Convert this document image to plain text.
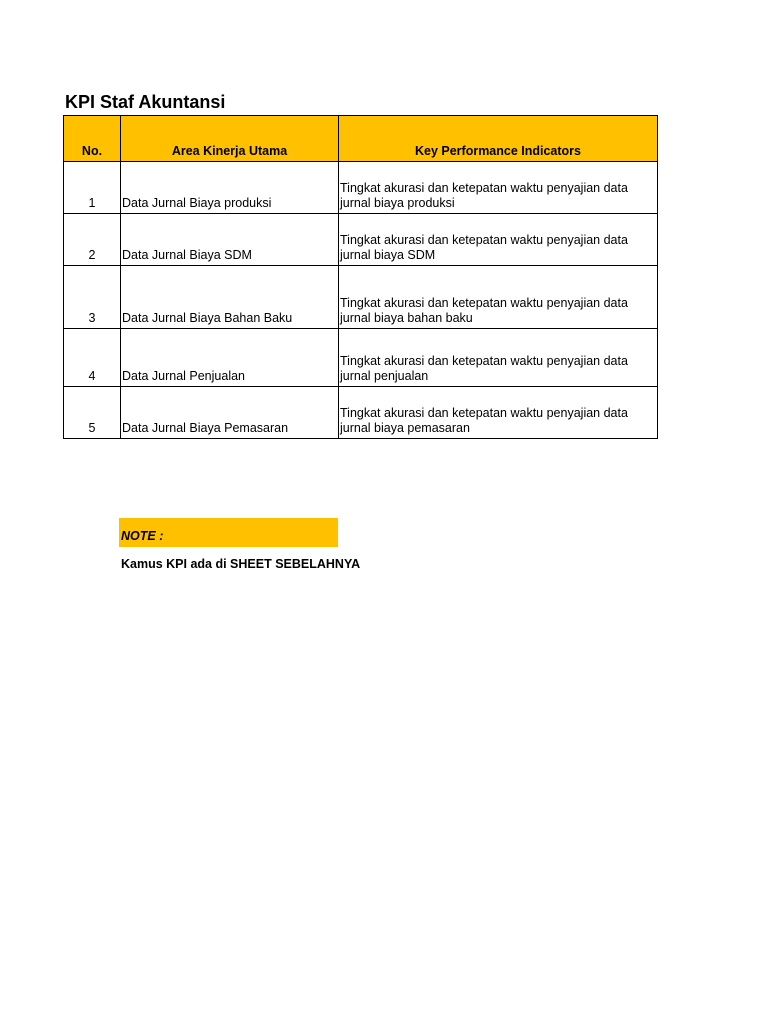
KPI Staf Akuntansi
No.	Area Kinerja Utama	Key Performance Indicators
1	Data Jurnal Biaya produksi	Tingkat akurasi dan ketepatan waktu penyajian data jurnal biaya produksi
2	Data Jurnal Biaya SDM	Tingkat akurasi dan ketepatan waktu penyajian data jurnal biaya SDM
3	Data Jurnal Biaya Bahan Baku	Tingkat akurasi dan ketepatan waktu penyajian data jurnal biaya bahan baku
4	Data Jurnal Penjualan	Tingkat akurasi dan ketepatan waktu penyajian data jurnal penjualan
5	Data Jurnal Biaya Pemasaran	Tingkat akurasi dan ketepatan waktu penyajian data jurnal biaya pemasaran
NOTE :
Kamus KPI ada di SHEET SEBELAHNYA
